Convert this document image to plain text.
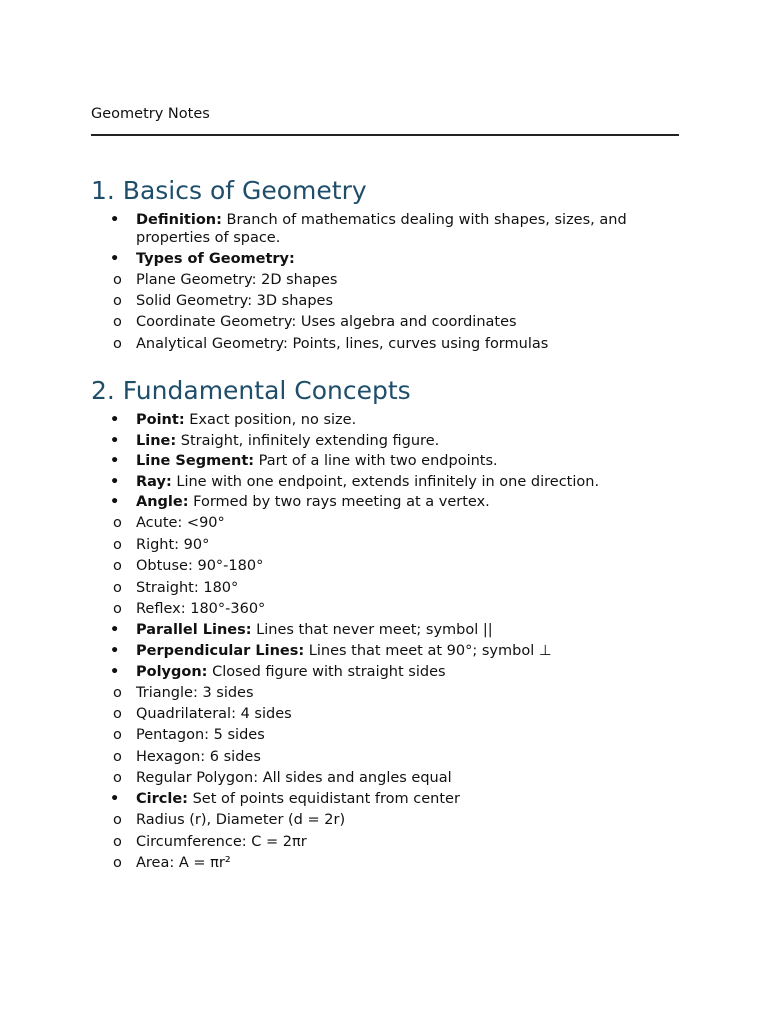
Geometry Notes
1. Basics of Geometry
• Definition: Branch of mathematics dealing with shapes, sizes, and properties of space.
• Types of Geometry:
o Plane Geometry: 2D shapes
o Solid Geometry: 3D shapes
o Coordinate Geometry: Uses algebra and coordinates
o Analytical Geometry: Points, lines, curves using formulas
2. Fundamental Concepts
• Point: Exact position, no size.
• Line: Straight, infinitely extending figure.
• Line Segment: Part of a line with two endpoints.
• Ray: Line with one endpoint, extends infinitely in one direction.
• Angle: Formed by two rays meeting at a vertex.
o Acute: <90°
o Right: 90°
o Obtuse: 90°-180°
o Straight: 180°
o Reflex: 180°-360°
• Parallel Lines: Lines that never meet; symbol ||
• Perpendicular Lines: Lines that meet at 90°; symbol ⊥
• Polygon: Closed figure with straight sides
o Triangle: 3 sides
o Quadrilateral: 4 sides
o Pentagon: 5 sides
o Hexagon: 6 sides
o Regular Polygon: All sides and angles equal
• Circle: Set of points equidistant from center
o Radius (r), Diameter (d = 2r)
o Circumference: C = 2πr
o Area: A = πr²
